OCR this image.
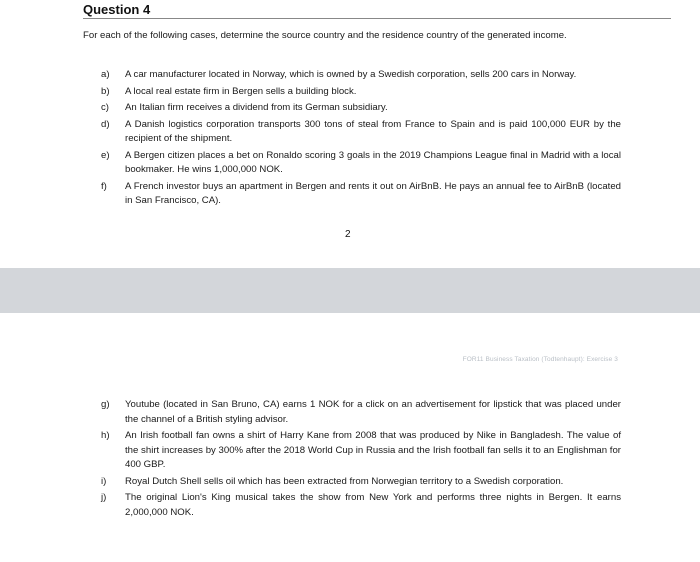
Question 4
For each of the following cases, determine the source country and the residence country of the generated income.
a)	A car manufacturer located in Norway, which is owned by a Swedish corporation, sells 200 cars in Norway.
b)	A local real estate firm in Bergen sells a building block.
c)	An Italian firm receives a dividend from its German subsidiary.
d)	A Danish logistics corporation transports 300 tons of steal from France to Spain and is paid 100,000 EUR by the recipient of the shipment.
e)	A Bergen citizen places a bet on Ronaldo scoring 3 goals in the 2019 Champions League final in Madrid with a local bookmaker. He wins 1,000,000 NOK.
f)	A French investor buys an apartment in Bergen and rents it out on AirBnB. He pays an annual fee to AirBnB (located in San Francisco, CA).
2
FOR11 Business Taxation (Todtenhaupt): Exercise 3
g)	Youtube (located in San Bruno, CA) earns 1 NOK for a click on an advertisement for lipstick that was placed under the channel of a British styling advisor.
h)	An Irish football fan owns a shirt of Harry Kane from 2008 that was produced by Nike in Bangladesh. The value of the shirt increases by 300% after the 2018 World Cup in Russia and the Irish football fan sells it to an Englishman for 400 GBP.
i)	Royal Dutch Shell sells oil which has been extracted from Norwegian territory to a Swedish corporation.
j)	The original Lion's King musical takes the show from New York and performs three nights in Bergen. It earns 2,000,000 NOK.
